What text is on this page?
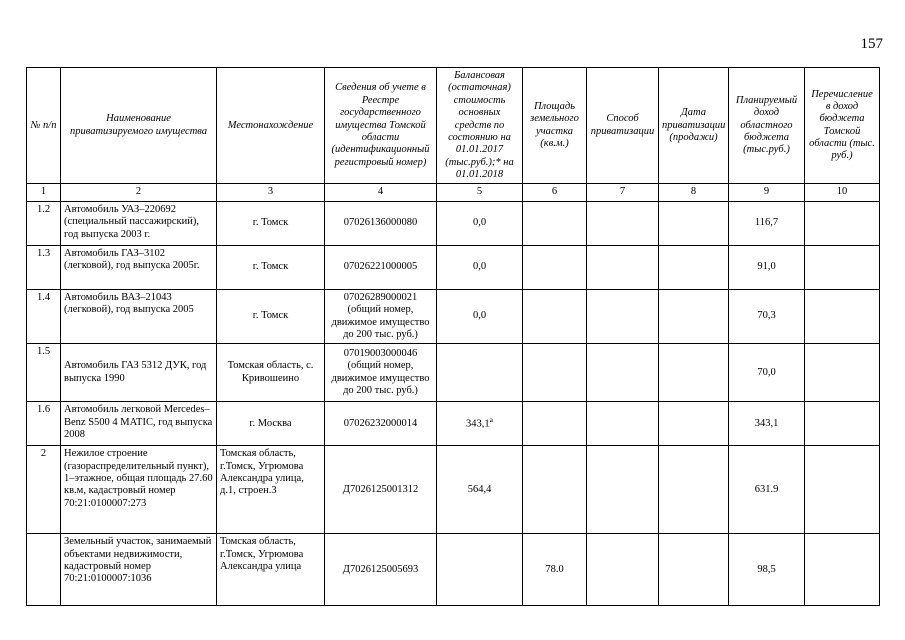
157
№ п/п	Наименование приватизируемого имущества	Местонахождение	Сведения об учете в Реестре государственного имущества Томской области (идентификационный регистровый номер)	Балансовая (остаточная) стоимость основных средств по состоянию на 01.01.2017 (тыс.руб.);* на 01.01.2018	Площадь земельного участка (кв.м.)	Способ приватизации	Дата приватизации (продажи)	Планируемый доход областного бюджета (тыс.руб.)	Перечисление в доход бюджета Томской области (тыс. руб.)
1	2	3	4	5	6	7	8	9	10
1.2	Автомобиль УАЗ–220692 (специальный пассажирский), год выпуска 2003 г.	г. Томск	07026136000080	0,0				116,7	
1.3	Автомобиль ГАЗ–3102 (легковой), год выпуска 2005г.	г. Томск	07026221000005	0,0				91,0	
1.4	Автомобиль ВАЗ–21043 (легковой), год выпуска 2005	г. Томск	07026289000021 (общий номер, движимое имущество до 200 тыс. руб.)	0,0				70,3	
1.5	Автомобиль ГАЗ 5312 ДУК, год выпуска 1990	Томская область, с. Кривошеино	07019003000046 (общий номер, движимое имущество до 200 тыс. руб.)					70,0	
1.6	Автомобиль легковой Mercedes–Benz S500 4 MATIC, год выпуска 2008	г. Москва	07026232000014	$343,1^а$				343,1	
2	Нежилое строение (газораспределительный пункт), 1–этажное, общая площадь 27.60 кв.м, кадастровый номер 70:21:0100007:273	Томская область, г.Томск, Угрюмова Александра улица, д.1, строен.3	Д7026125001312	564,4				631.9	
	Земельный участок, занимаемый объектами недвижимости, кадастровый номер 70:21:0100007:1036	Томская область, г.Томск, Угрюмова Александра улица	Д7026125005693		78.0			98,5	
